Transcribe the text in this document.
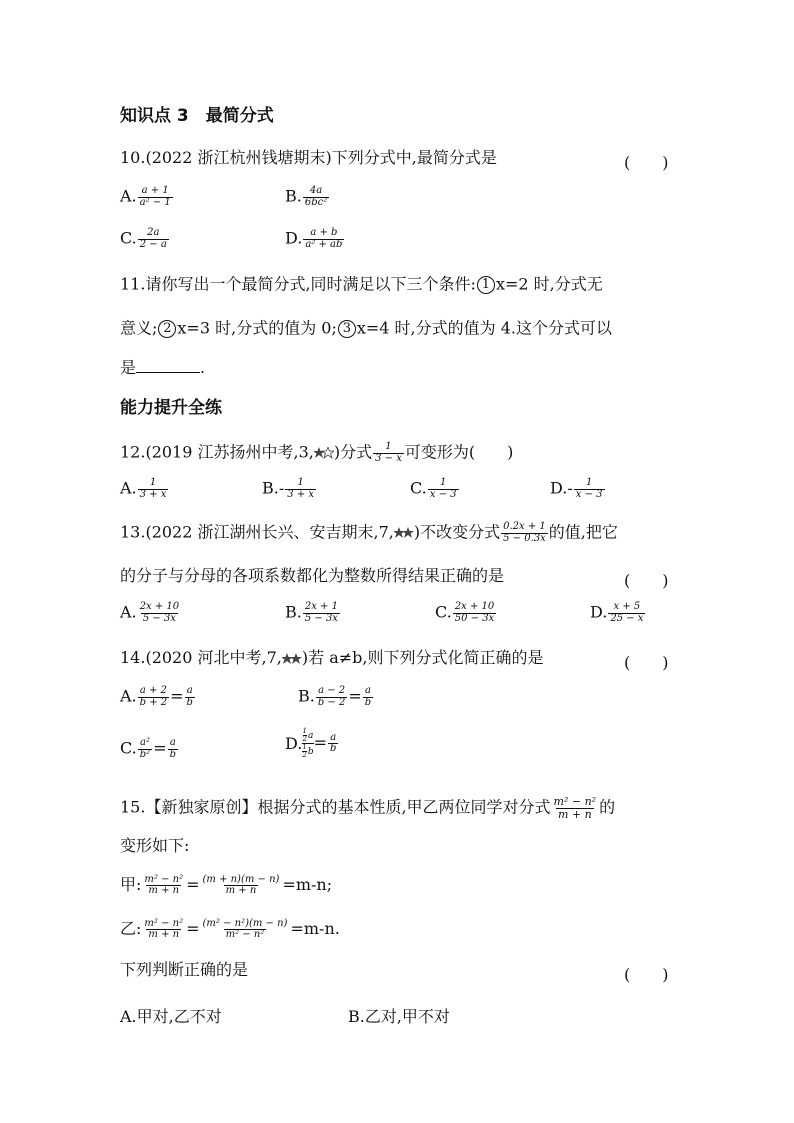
知识点 3　最简分式
10.(2022 浙江杭州钱塘期末)下列分式中,最简分式是	(　　)
A. $\frac{a + 1}{\text{a² − 1}}$	B. $\frac{4a}{\text{6bc²}}$
C. $\frac{2a}{2 - a}$	D. $\frac{a + b}{\text{a² + ab}}$
11.请你写出一个最简分式,同时满足以下三个条件: 1 x=2 时,分式无
意义; 2 x=3 时,分式的值为 0; 3 x=4 时,分式的值为 4.这个分式可以
是	.
能力提升全练
12.(2019 江苏扬州中考,3, )分式 $\frac{1}{3 - x}$ 可变形为(　　)
A. $\frac{1}{3 + x}$	$B.- \frac{1}{3 + x}$	C. $\frac{1}{x - 3}$	$D.- \frac{1}{x - 3}$
13.(2022 浙江湖州长兴、安吉期末,7, )不改变分式 $\frac{0.2x + 1}{5 - 0.3x}$ 的值,把它
的分子与分母的各项系数都化为整数所得结果正确的是	(　　)
A. $\frac{2x + 10}{5 - 3x}$	B. $\frac{2x + 1}{5 - 3x}$	C. $\frac{2x + 10}{50 - 3x}$	D. $\frac{x + 5}{25 - x}$
14.(2020 河北中考,7, )若 a≠b,则下列分式化简正确的是	(　　)
A. $\frac{a + 2}{b + 2} = \frac{a}{b}$	B. $\frac{a - 2}{b - 2} = \frac{a}{b}$
C. $\frac{\text{a²}}{\text{b²}} = \frac{a}{b}$	D. $\frac{\frac{1}{2} a}{\frac{1}{2} b} = \frac{a}{b}$
15.【新独家原创】根据分式的基本性质,甲乙两位同学对分式 $\frac{\text{m² − n²}}{m + n}$ 的
变形如下:
甲: $\frac{\text{m² − n²}}{m + n} = \frac{(m + n)(m - n)}{m + n} =m-n$;
乙: $\frac{\text{m² − n²}}{m + n} = \frac{\text{(m² − n²)(m − n)}}{\text{m² − n²}} =m-n$.
下列判断正确的是	(　　)
A.甲对,乙不对	B.乙对,甲不对
